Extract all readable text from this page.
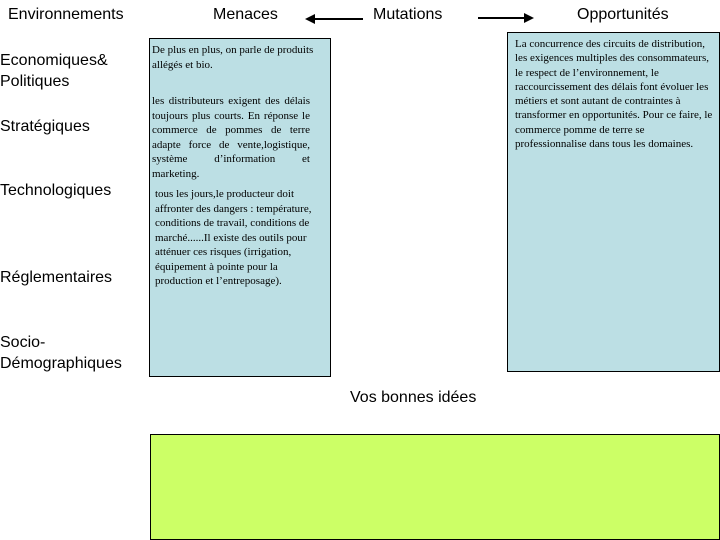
Environnements	Menaces	Mutations	Opportunités
Economiques& Politiques
Stratégiques
Technologiques
Réglementaires
Socio-Démographiques
De plus en plus, on parle de produits allégés et bio.
les distributeurs exigent des délais toujours plus courts. En réponse le commerce de pommes de terre adapte force de vente,logistique, système d’information et marketing.
tous les jours,le producteur doit affronter des dangers : température, conditions de travail, conditions de marché......Il existe des outils pour atténuer ces risques (irrigation, équipement à pointe pour la production et l’entreposage).
La concurrence des circuits de distribution, les exigences multiples des consommateurs, le respect de l’environnement, le raccourcissement des délais font évoluer les métiers et sont autant de contraintes à transformer en opportunités. Pour ce faire, le commerce pomme de terre se professionnalise dans tous les domaines.
Vos bonnes idées
